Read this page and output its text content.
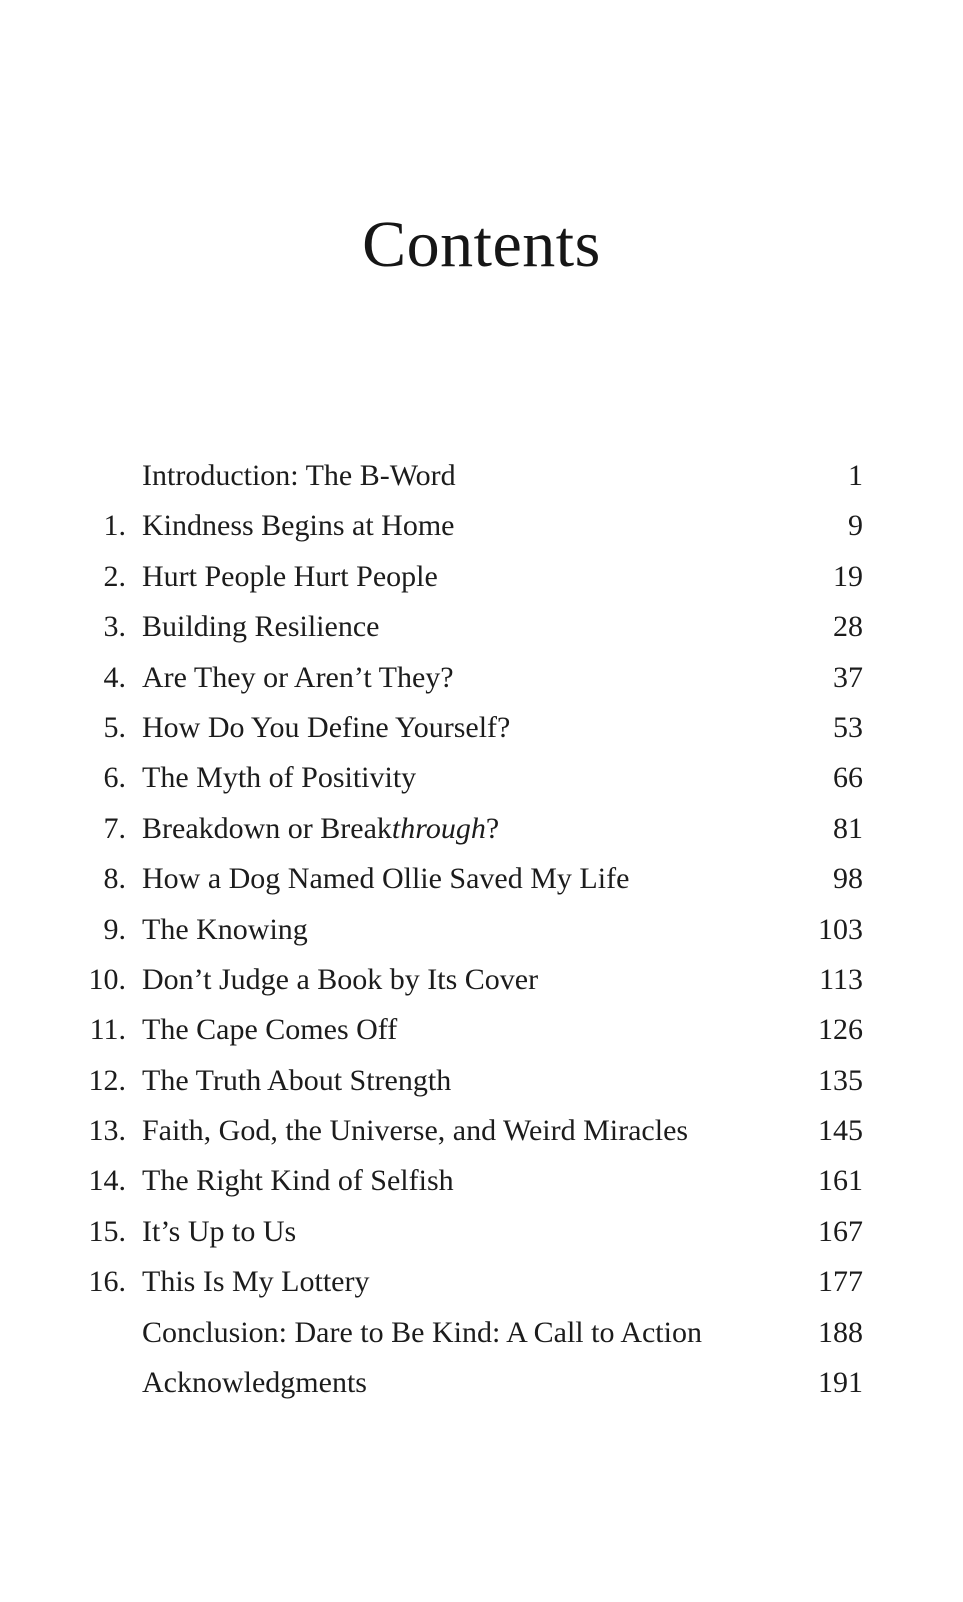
Contents
Introduction: The B-Word	1
1. Kindness Begins at Home	9
2. Hurt People Hurt People	19
3. Building Resilience	28
4. Are They or Aren’t They?	37
5. How Do You Define Yourself?	53
6. The Myth of Positivity	66
7. Breakdown or Breakthrough?	81
8. How a Dog Named Ollie Saved My Life	98
9. The Knowing	103
10. Don’t Judge a Book by Its Cover	113
11. The Cape Comes Off	126
12. The Truth About Strength	135
13. Faith, God, the Universe, and Weird Miracles	145
14. The Right Kind of Selfish	161
15. It’s Up to Us	167
16. This Is My Lottery	177
Conclusion: Dare to Be Kind: A Call to Action	188
Acknowledgments	191
